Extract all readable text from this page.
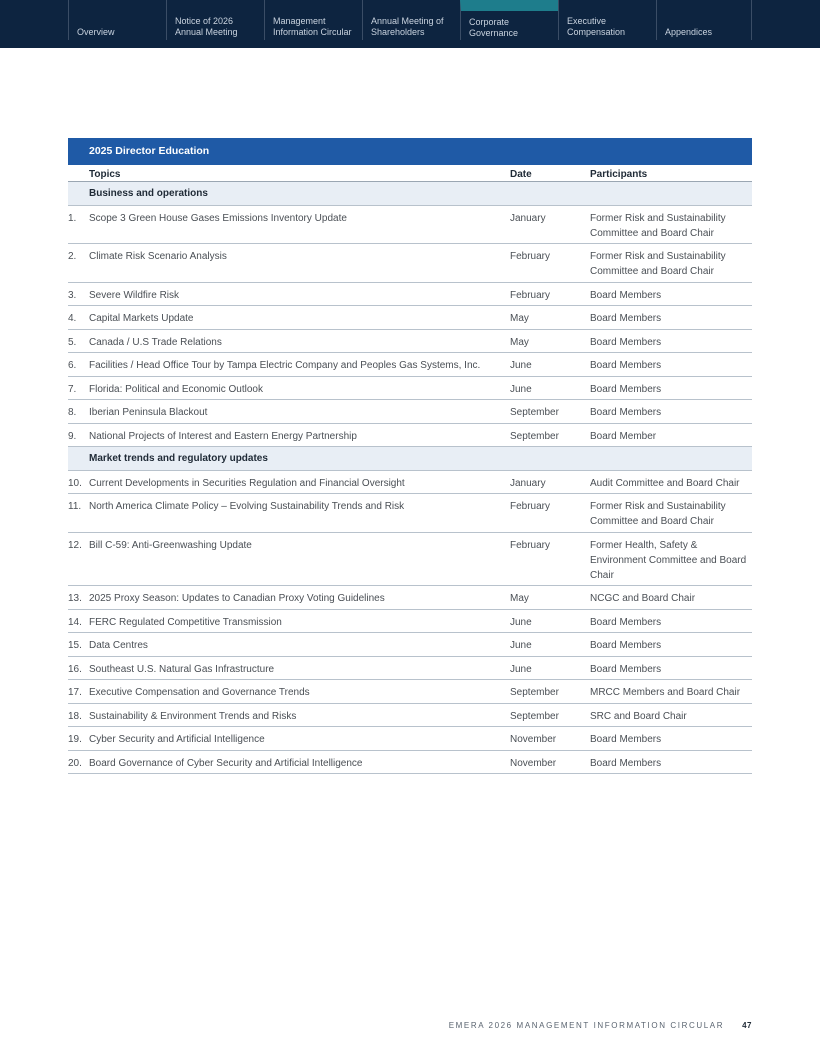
Overview
Notice of 2026
Annual Meeting
Management
Information Circular
Annual Meeting of
Shareholders
Corporate
Governance
Executive
Compensation	Appendices
2025 Director Education
Topics	Date	Participants
Business and operations
1. Scope 3 Green House Gases Emissions Inventory Update	January	Former Risk and Sustainability Committee and Board Chair
2. Climate Risk Scenario Analysis	February	Former Risk and Sustainability Committee and Board Chair
3. Severe Wildfire Risk	February	Board Members
4. Capital Markets Update	May	Board Members
5. Canada / U.S Trade Relations	May	Board Members
6. Facilities / Head Office Tour by Tampa Electric Company and Peoples Gas Systems, Inc.	June	Board Members
7. Florida: Political and Economic Outlook	June	Board Members
8. Iberian Peninsula Blackout	September	Board Members
9. National Projects of Interest and Eastern Energy Partnership	September	Board Member
Market trends and regulatory updates
10. Current Developments in Securities Regulation and Financial Oversight	January	Audit Committee and Board Chair
11. North America Climate Policy – Evolving Sustainability Trends and Risk	February	Former Risk and Sustainability Committee and Board Chair
12. Bill C-59: Anti-Greenwashing Update	February	Former Health, Safety & Environment Committee and Board Chair
13. 2025 Proxy Season: Updates to Canadian Proxy Voting Guidelines	May	NCGC and Board Chair
14. FERC Regulated Competitive Transmission	June	Board Members
15. Data Centres	June	Board Members
16. Southeast U.S. Natural Gas Infrastructure	June	Board Members
17. Executive Compensation and Governance Trends	September	MRCC Members and Board Chair
18. Sustainability & Environment Trends and Risks	September	SRC and Board Chair
19. Cyber Security and Artificial Intelligence	November	Board Members
20. Board Governance of Cyber Security and Artificial Intelligence	November	Board Members
EMERA 2026 MANAGEMENT INFORMATION CIRCULAR 47
